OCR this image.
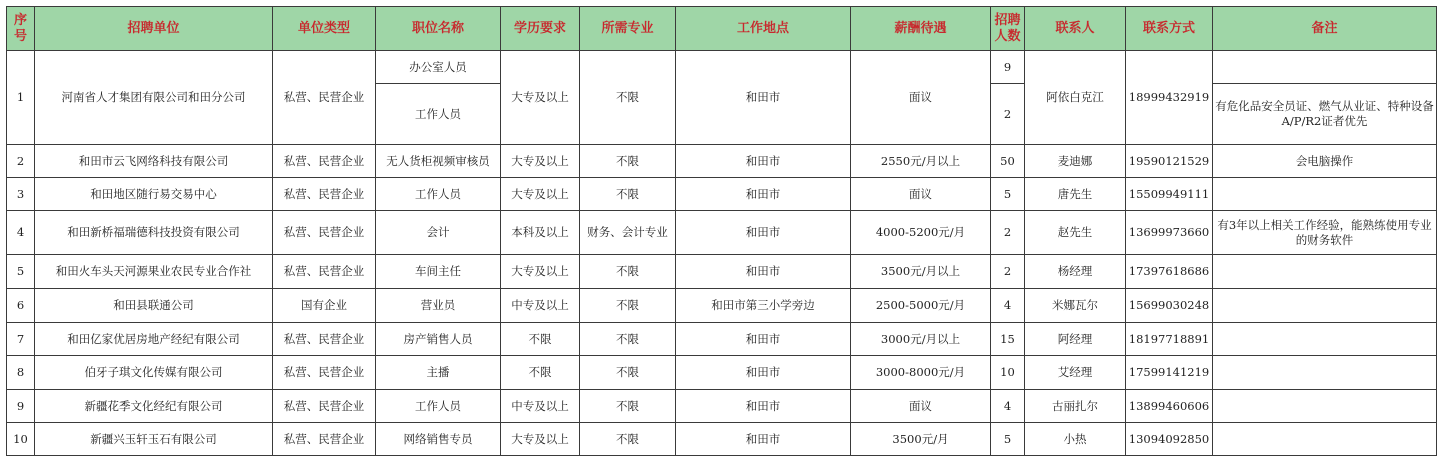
序号	招聘单位	单位类型	职位名称	学历要求	所需专业	工作地点	薪酬待遇	招聘人数	联系人	联系方式	备注
1	河南省人才集团有限公司和田分公司	私营、民营企业	办公室人员	大专及以上	不限	和田市	面议	9	阿依白克江	18999432919	
			工作人员					2			有危化品安全员证、燃气从业证、特种设备A/P/R2证者优先
2	和田市云飞网络科技有限公司	私营、民营企业	无人货柜视频审核员	大专及以上	不限	和田市	2550元/月以上	50	麦迪娜	19590121529	会电脑操作
3	和田地区随行易交易中心	私营、民营企业	工作人员	大专及以上	不限	和田市	面议	5	唐先生	15509949111	
4	和田新桥福瑞德科技投资有限公司	私营、民营企业	会计	本科及以上	财务、会计专业	和田市	4000-5200元/月	2	赵先生	13699973660	有3年以上相关工作经验，能熟练使用专业的财务软件
5	和田火车头天河源果业农民专业合作社	私营、民营企业	车间主任	大专及以上	不限	和田市	3500元/月以上	2	杨经理	17397618686	
6	和田县联通公司	国有企业	营业员	中专及以上	不限	和田市第三小学旁边	2500-5000元/月	4	米娜瓦尔	15699030248	
7	和田亿家优居房地产经纪有限公司	私营、民营企业	房产销售人员	不限	不限	和田市	3000元/月以上	15	阿经理	18197718891	
8	伯牙子琪文化传媒有限公司	私营、民营企业	主播	不限	不限	和田市	3000-8000元/月	10	艾经理	17599141219	
9	新疆花季文化经纪有限公司	私营、民营企业	工作人员	中专及以上	不限	和田市	面议	4	古丽扎尔	13899460606	
10	新疆兴玉轩玉石有限公司	私营、民营企业	网络销售专员	大专及以上	不限	和田市	3500元/月	5	小热	13094092850	
